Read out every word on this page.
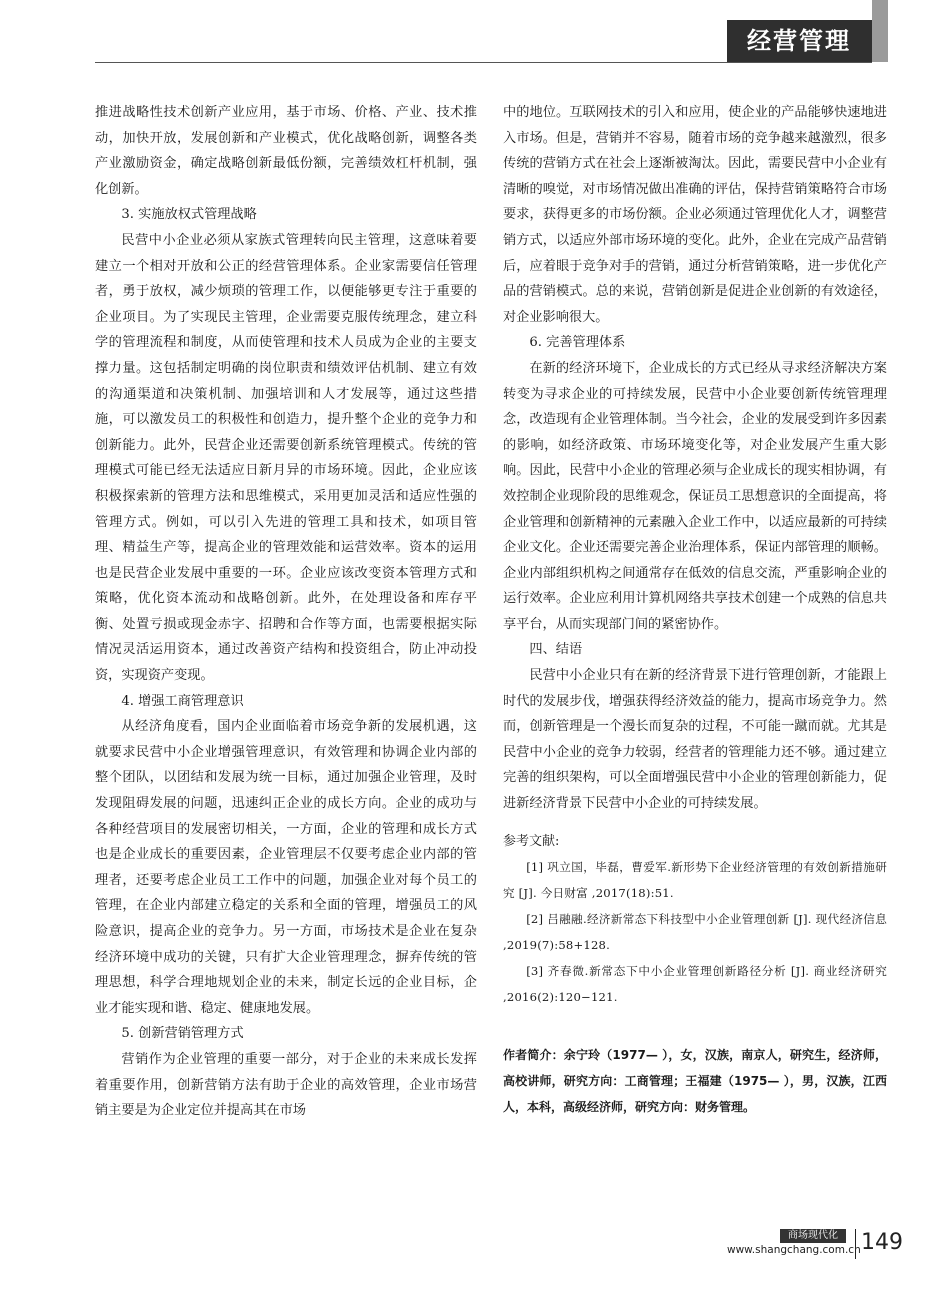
经营管理

推进战略性技术创新产业应用，基于市场、价格、产业、技术推动，加快开放，发展创新和产业模式，优化战略创新，调整各类产业激励资金，确定战略创新最低份额，完善绩效杠杆机制，强化创新。

3. 实施放权式管理战略

民营中小企业必须从家族式管理转向民主管理，这意味着要建立一个相对开放和公正的经营管理体系。企业家需要信任管理者，勇于放权，减少烦琐的管理工作，以便能够更专注于重要的企业项目。为了实现民主管理，企业需要克服传统理念，建立科学的管理流程和制度，从而使管理和技术人员成为企业的主要支撑力量。这包括制定明确的岗位职责和绩效评估机制、建立有效的沟通渠道和决策机制、加强培训和人才发展等，通过这些措施，可以激发员工的积极性和创造力，提升整个企业的竞争力和创新能力。此外，民营企业还需要创新系统管理模式。传统的管理模式可能已经无法适应日新月异的市场环境。因此，企业应该积极探索新的管理方法和思维模式，采用更加灵活和适应性强的管理方式。例如，可以引入先进的管理工具和技术，如项目管理、精益生产等，提高企业的管理效能和运营效率。资本的运用也是民营企业发展中重要的一环。企业应该改变资本管理方式和策略，优化资本流动和战略创新。此外，在处理设备和库存平衡、处置亏损或现金赤字、招聘和合作等方面，也需要根据实际情况灵活运用资本，通过改善资产结构和投资组合，防止冲动投资，实现资产变现。

4. 增强工商管理意识

从经济角度看，国内企业面临着市场竞争新的发展机遇，这就要求民营中小企业增强管理意识，有效管理和协调企业内部的整个团队，以团结和发展为统一目标，通过加强企业管理，及时发现阻碍发展的问题，迅速纠正企业的成长方向。企业的成功与各种经营项目的发展密切相关，一方面，企业的管理和成长方式也是企业成长的重要因素，企业管理层不仅要考虑企业内部的管理者，还要考虑企业员工工作中的问题，加强企业对每个员工的管理，在企业内部建立稳定的关系和全面的管理，增强员工的风险意识，提高企业的竞争力。另一方面，市场技术是企业在复杂经济环境中成功的关键，只有扩大企业管理理念，摒弃传统的管理思想，科学合理地规划企业的未来，制定长远的企业目标，企业才能实现和谐、稳定、健康地发展。

5. 创新营销管理方式

营销作为企业管理的重要一部分，对于企业的未来成长发挥着重要作用，创新营销方法有助于企业的高效管理，企业市场营销主要是为企业定位并提高其在市场

中的地位。互联网技术的引入和应用，使企业的产品能够快速地进入市场。但是，营销并不容易，随着市场的竞争越来越激烈，很多传统的营销方式在社会上逐渐被淘汰。因此，需要民营中小企业有清晰的嗅觉，对市场情况做出准确的评估，保持营销策略符合市场要求，获得更多的市场份额。企业必须通过管理优化人才，调整营销方式，以适应外部市场环境的变化。此外，企业在完成产品营销后，应着眼于竞争对手的营销，通过分析营销策略，进一步优化产品的营销模式。总的来说，营销创新是促进企业创新的有效途径，对企业影响很大。

6. 完善管理体系

在新的经济环境下，企业成长的方式已经从寻求经济解决方案转变为寻求企业的可持续发展，民营中小企业要创新传统管理理念，改造现有企业管理体制。当今社会，企业的发展受到许多因素的影响，如经济政策、市场环境变化等，对企业发展产生重大影响。因此，民营中小企业的管理必须与企业成长的现实相协调，有效控制企业现阶段的思维观念，保证员工思想意识的全面提高，将企业管理和创新精神的元素融入企业工作中，以适应最新的可持续企业文化。企业还需要完善企业治理体系，保证内部管理的顺畅。企业内部组织机构之间通常存在低效的信息交流，严重影响企业的运行效率。企业应利用计算机网络共享技术创建一个成熟的信息共享平台，从而实现部门间的紧密协作。

四、结语

民营中小企业只有在新的经济背景下进行管理创新，才能跟上时代的发展步伐，增强获得经济效益的能力，提高市场竞争力。然而，创新管理是一个漫长而复杂的过程，不可能一蹴而就。尤其是民营中小企业的竞争力较弱，经营者的管理能力还不够。通过建立完善的组织架构，可以全面增强民营中小企业的管理创新能力，促进新经济背景下民营中小企业的可持续发展。

参考文献:

[1] 巩立国，毕磊，曹爱军.新形势下企业经济管理的有效创新措施研究 [J]. 今日财富 ,2017(18):51.

[2] 吕融融.经济新常态下科技型中小企业管理创新 [J]. 现代经济信息 ,2019(7):58+128.

[3] 齐春微.新常态下中小企业管理创新路径分析 [J]. 商业经济研究 ,2016(2):120−121.

作者简介：余宁玲（1977— ），女，汉族，南京人，研究生，经济师，高校讲师，研究方向：工商管理；王福建（1975— ），男，汉族，江西人，本科，高级经济师，研究方向：财务管理。

商场现代化
www.shangchang.com.cn 149
